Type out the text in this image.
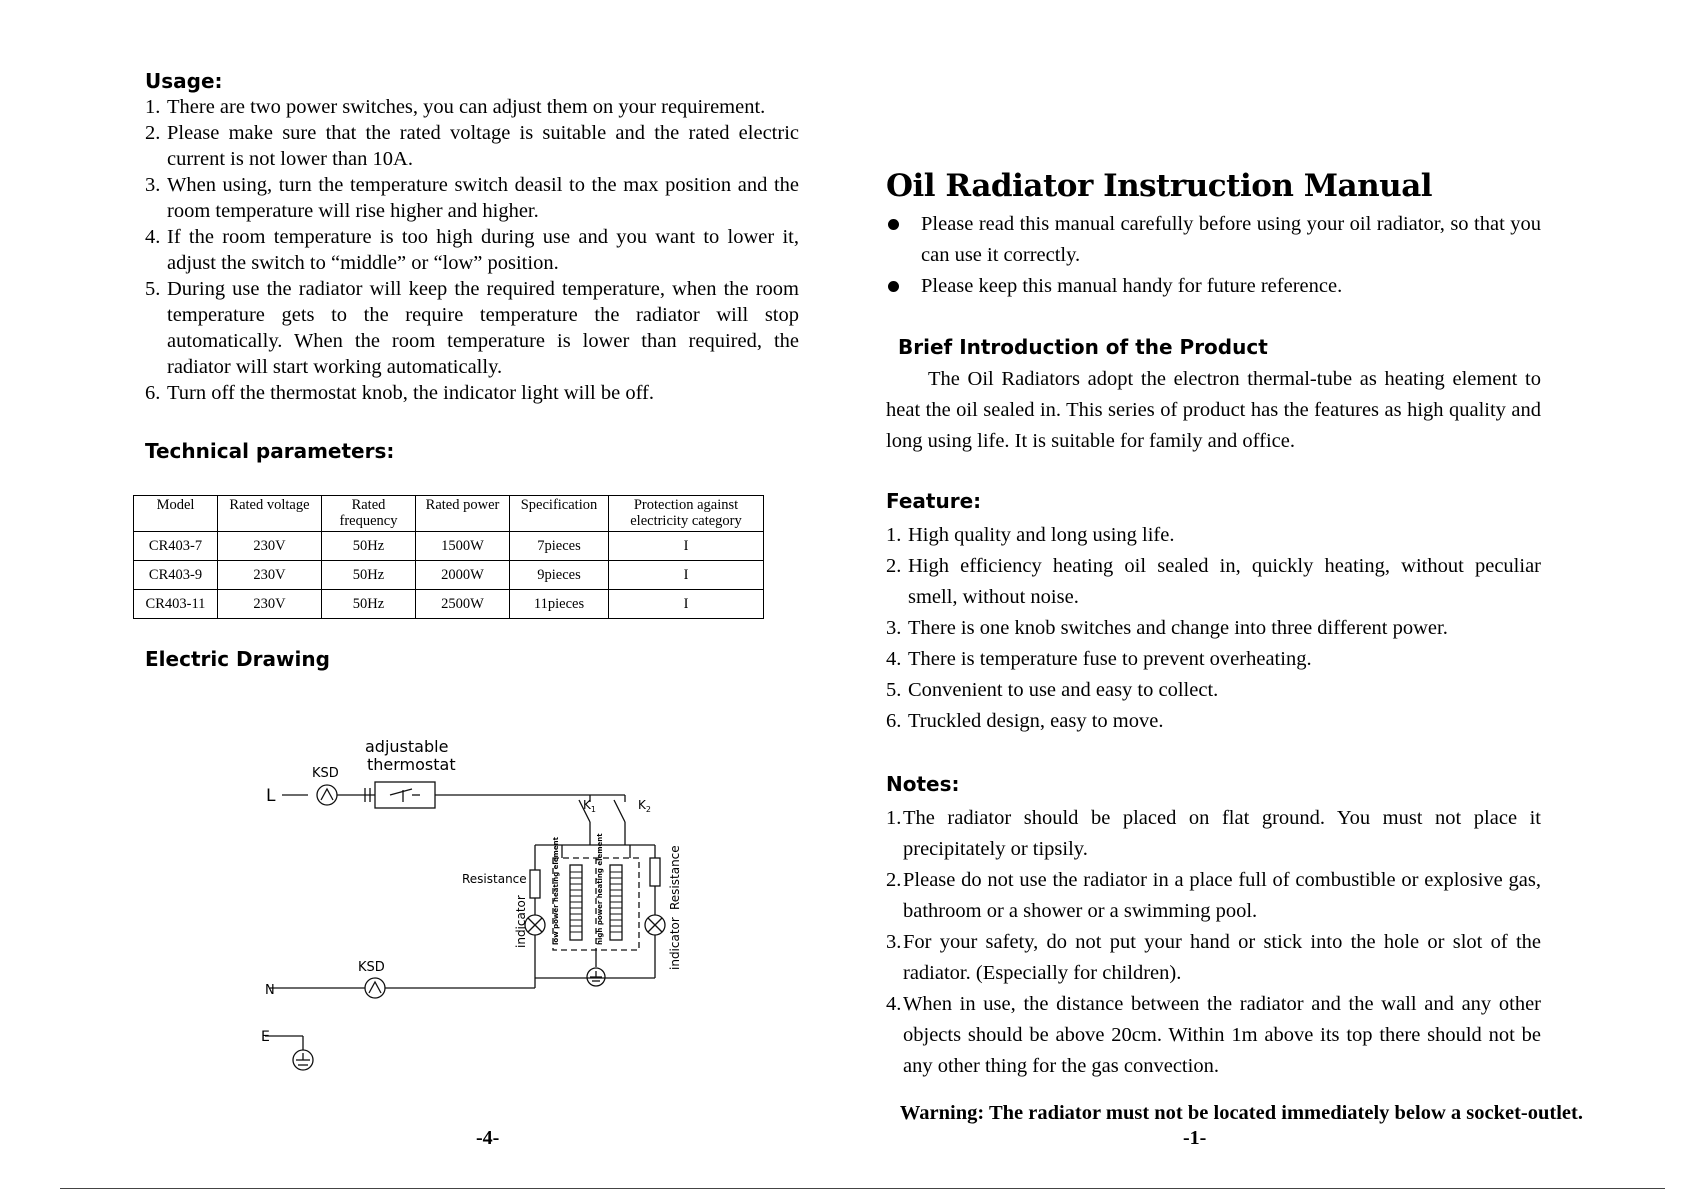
Usage:
1. There are two power switches, you can adjust them on your requirement.
2. Please make sure that the rated voltage is suitable and the rated electric current is not lower than 10A.
3. When using, turn the temperature switch deasil to the max position and the room temperature will rise higher and higher.
4. If the room temperature is too high during use and you want to lower it, adjust the switch to “middle” or “low” position.
5. During use the radiator will keep the required temperature, when the room temperature gets to the require temperature the radiator will stop automatically. When the room temperature is lower than required, the radiator will start working automatically.
6. Turn off the thermostat knob, the indicator light will be off.
Technical parameters:
Model	Rated voltage	Rated frequency	Rated power	Specification	Protection against electricity category
CR403-7	230V	50Hz	1500W	7pieces	I
CR403-9	230V	50Hz	2000W	9pieces	I
CR403-11	230V	50Hz	2500W	11pieces	I
Electric Drawing
adjustable
thermostat
KSD
L
KSD
N
E
$K_1$	$K_2$
Resistance
indicator	low power heating element	high power heating element	Resistance
indicator
-4-
Oil Radiator Instruction Manual
Please read this manual carefully before using your oil radiator, so that you can use it correctly.
Please keep this manual handy for future reference.
Brief Introduction of the Product

The Oil Radiators adopt the electron thermal-tube as heating element to heat the oil sealed in. This series of product has the features as high quality and long using life. It is suitable for family and office.

Feature:
1. High quality and long using life.
2. High efficiency heating oil sealed in, quickly heating, without peculiar smell, without noise.
3. There is one knob switches and change into three different power.
4. There is temperature fuse to prevent overheating.
5. Convenient to use and easy to collect.
6. Truckled design, easy to move.
Notes:
1. The radiator should be placed on flat ground. You must not place it precipitately or tipsily.
2. Please do not use the radiator in a place full of combustible or explosive gas, bathroom or a shower or a swimming pool.
3. For your safety, do not put your hand or stick into the hole or slot of the radiator. (Especially for children).
4. When in use, the distance between the radiator and the wall and any other objects should be above 20cm. Within 1m above its top there should not be any other thing for the gas convection.
Warning: The radiator must not be located immediately below a socket-outlet.
-1-
